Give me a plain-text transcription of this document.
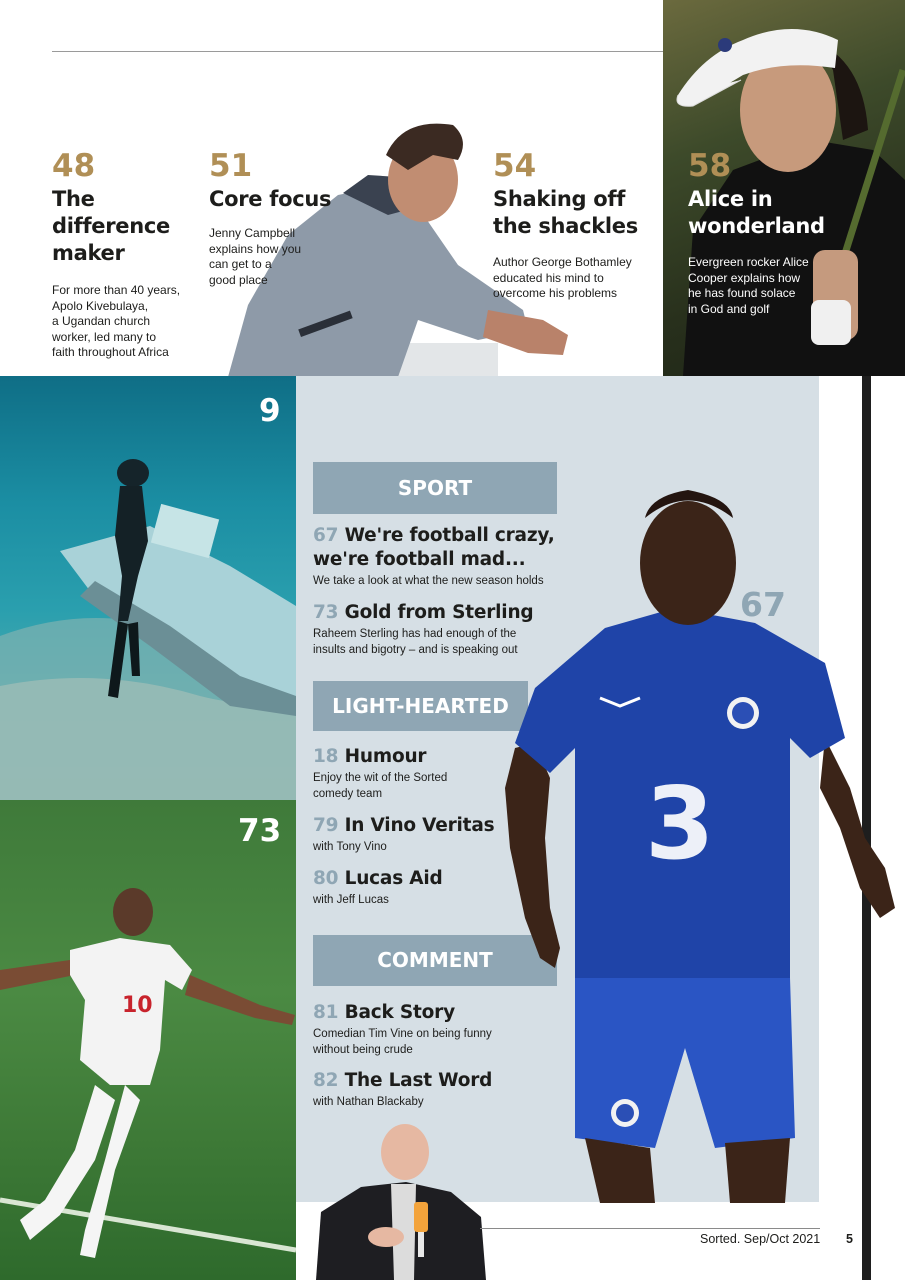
48
The
difference
maker
For more than 40 years,
Apolo Kivebulaya,
a Ugandan church
worker, led many to
faith throughout Africa
51
Core focus
Jenny Campbell
explains how you
can get to a
good place
54
Shaking off
the shackles
Author George Bothamley
educated his mind to
overcome his problems
58
Alice in
wonderland
Evergreen rocker Alice
Cooper explains how
he has found solace
in God and golf
9
10
73
SPORT
67 We're football crazy,
we're football mad...
We take a look at what the new season holds
73 Gold from Sterling
Raheem Sterling has had enough of the
insults and bigotry – and is speaking out
LIGHT-HEARTED
18 Humour
Enjoy the wit of the Sorted
comedy team
79 In Vino Veritas
with Tony Vino
80 Lucas Aid
with Jeff Lucas
COMMENT
81 Back Story
Comedian Tim Vine on being funny
without being crude
82 The Last Word
with Nathan Blackaby
3
67
Sorted. Sep/Oct 2021 5
